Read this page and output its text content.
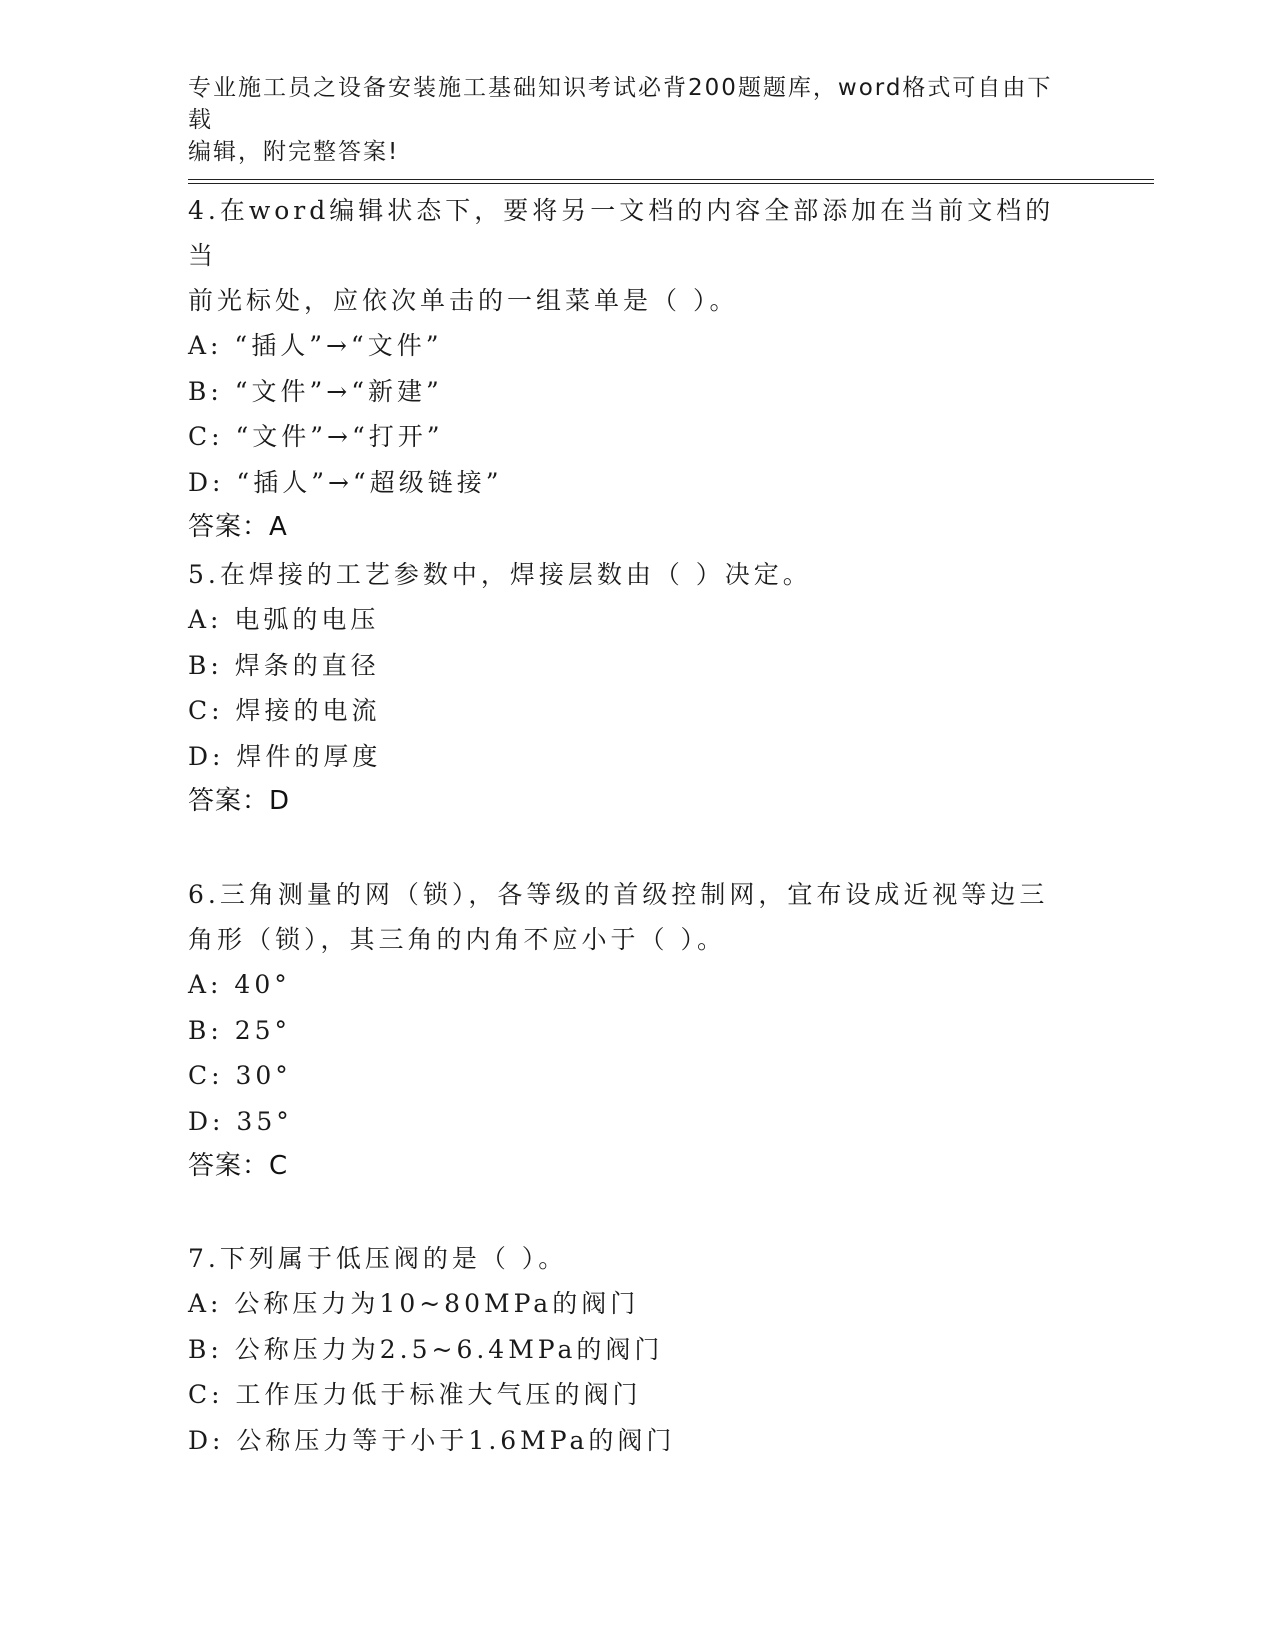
专业施工员之设备安装施工基础知识考试必背200题题库，word格式可自由下载
编辑，附完整答案!

4.在word编辑状态下，要将另一文档的内容全部添加在当前文档的当

前光标处，应依次单击的一组菜单是（ ）。

A: “插人”→“文件”

B: “文件”→“新建”

C: “文件”→“打开”

D: “插人”→“超级链接”

答案：A

5.在焊接的工艺参数中，焊接层数由（ ）决定。

A: 电弧的电压

B: 焊条的直径

C: 焊接的电流

D: 焊件的厚度

答案：D

6.三角测量的网（锁），各等级的首级控制网，宜布设成近视等边三

角形（锁），其三角的内角不应小于（ ）。

A: 40°

B: 25°

C: 30°

D: 35°

答案：C

7.下列属于低压阀的是（ ）。

A: 公称压力为10~80MPa的阀门

B: 公称压力为2.5~6.4MPa的阀门

C: 工作压力低于标准大气压的阀门

D: 公称压力等于小于1.6MPa的阀门
